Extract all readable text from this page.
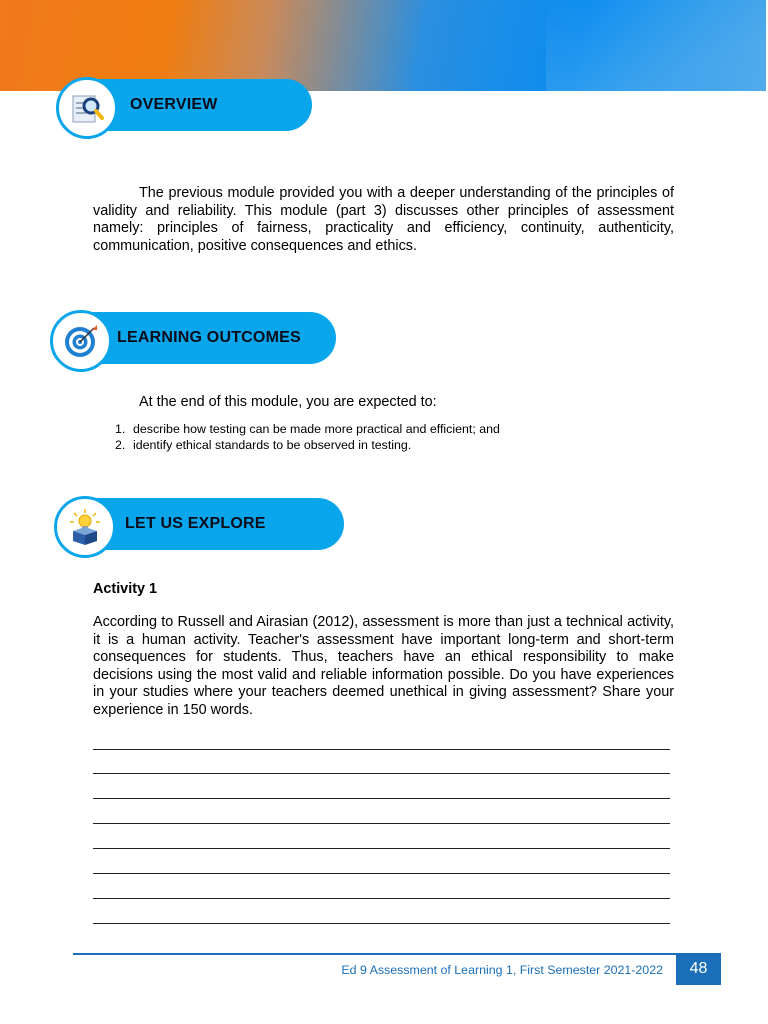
OVERVIEW

The previous module provided you with a deeper understanding of the principles of validity and reliability. This module (part 3) discusses other principles of assessment namely: principles of fairness, practicality and efficiency, continuity, authenticity, communication, positive consequences and ethics.

LEARNING OUTCOMES

At the end of this module, you are expected to:

1. describe how testing can be made more practical and efficient; and
2. identify ethical standards to be observed in testing.
LET US EXPLORE
Activity 1

According to Russell and Airasian (2012), assessment is more than just a technical activity, it is a human activity. Teacher's assessment have important long-term and short-term consequences for students. Thus, teachers have an ethical responsibility to make decisions using the most valid and reliable information possible. Do you have experiences in your studies where your teachers deemed unethical in giving assessment? Share your experience in 150 words.

Ed 9 Assessment of Learning 1, First Semester 2021-2022	48
